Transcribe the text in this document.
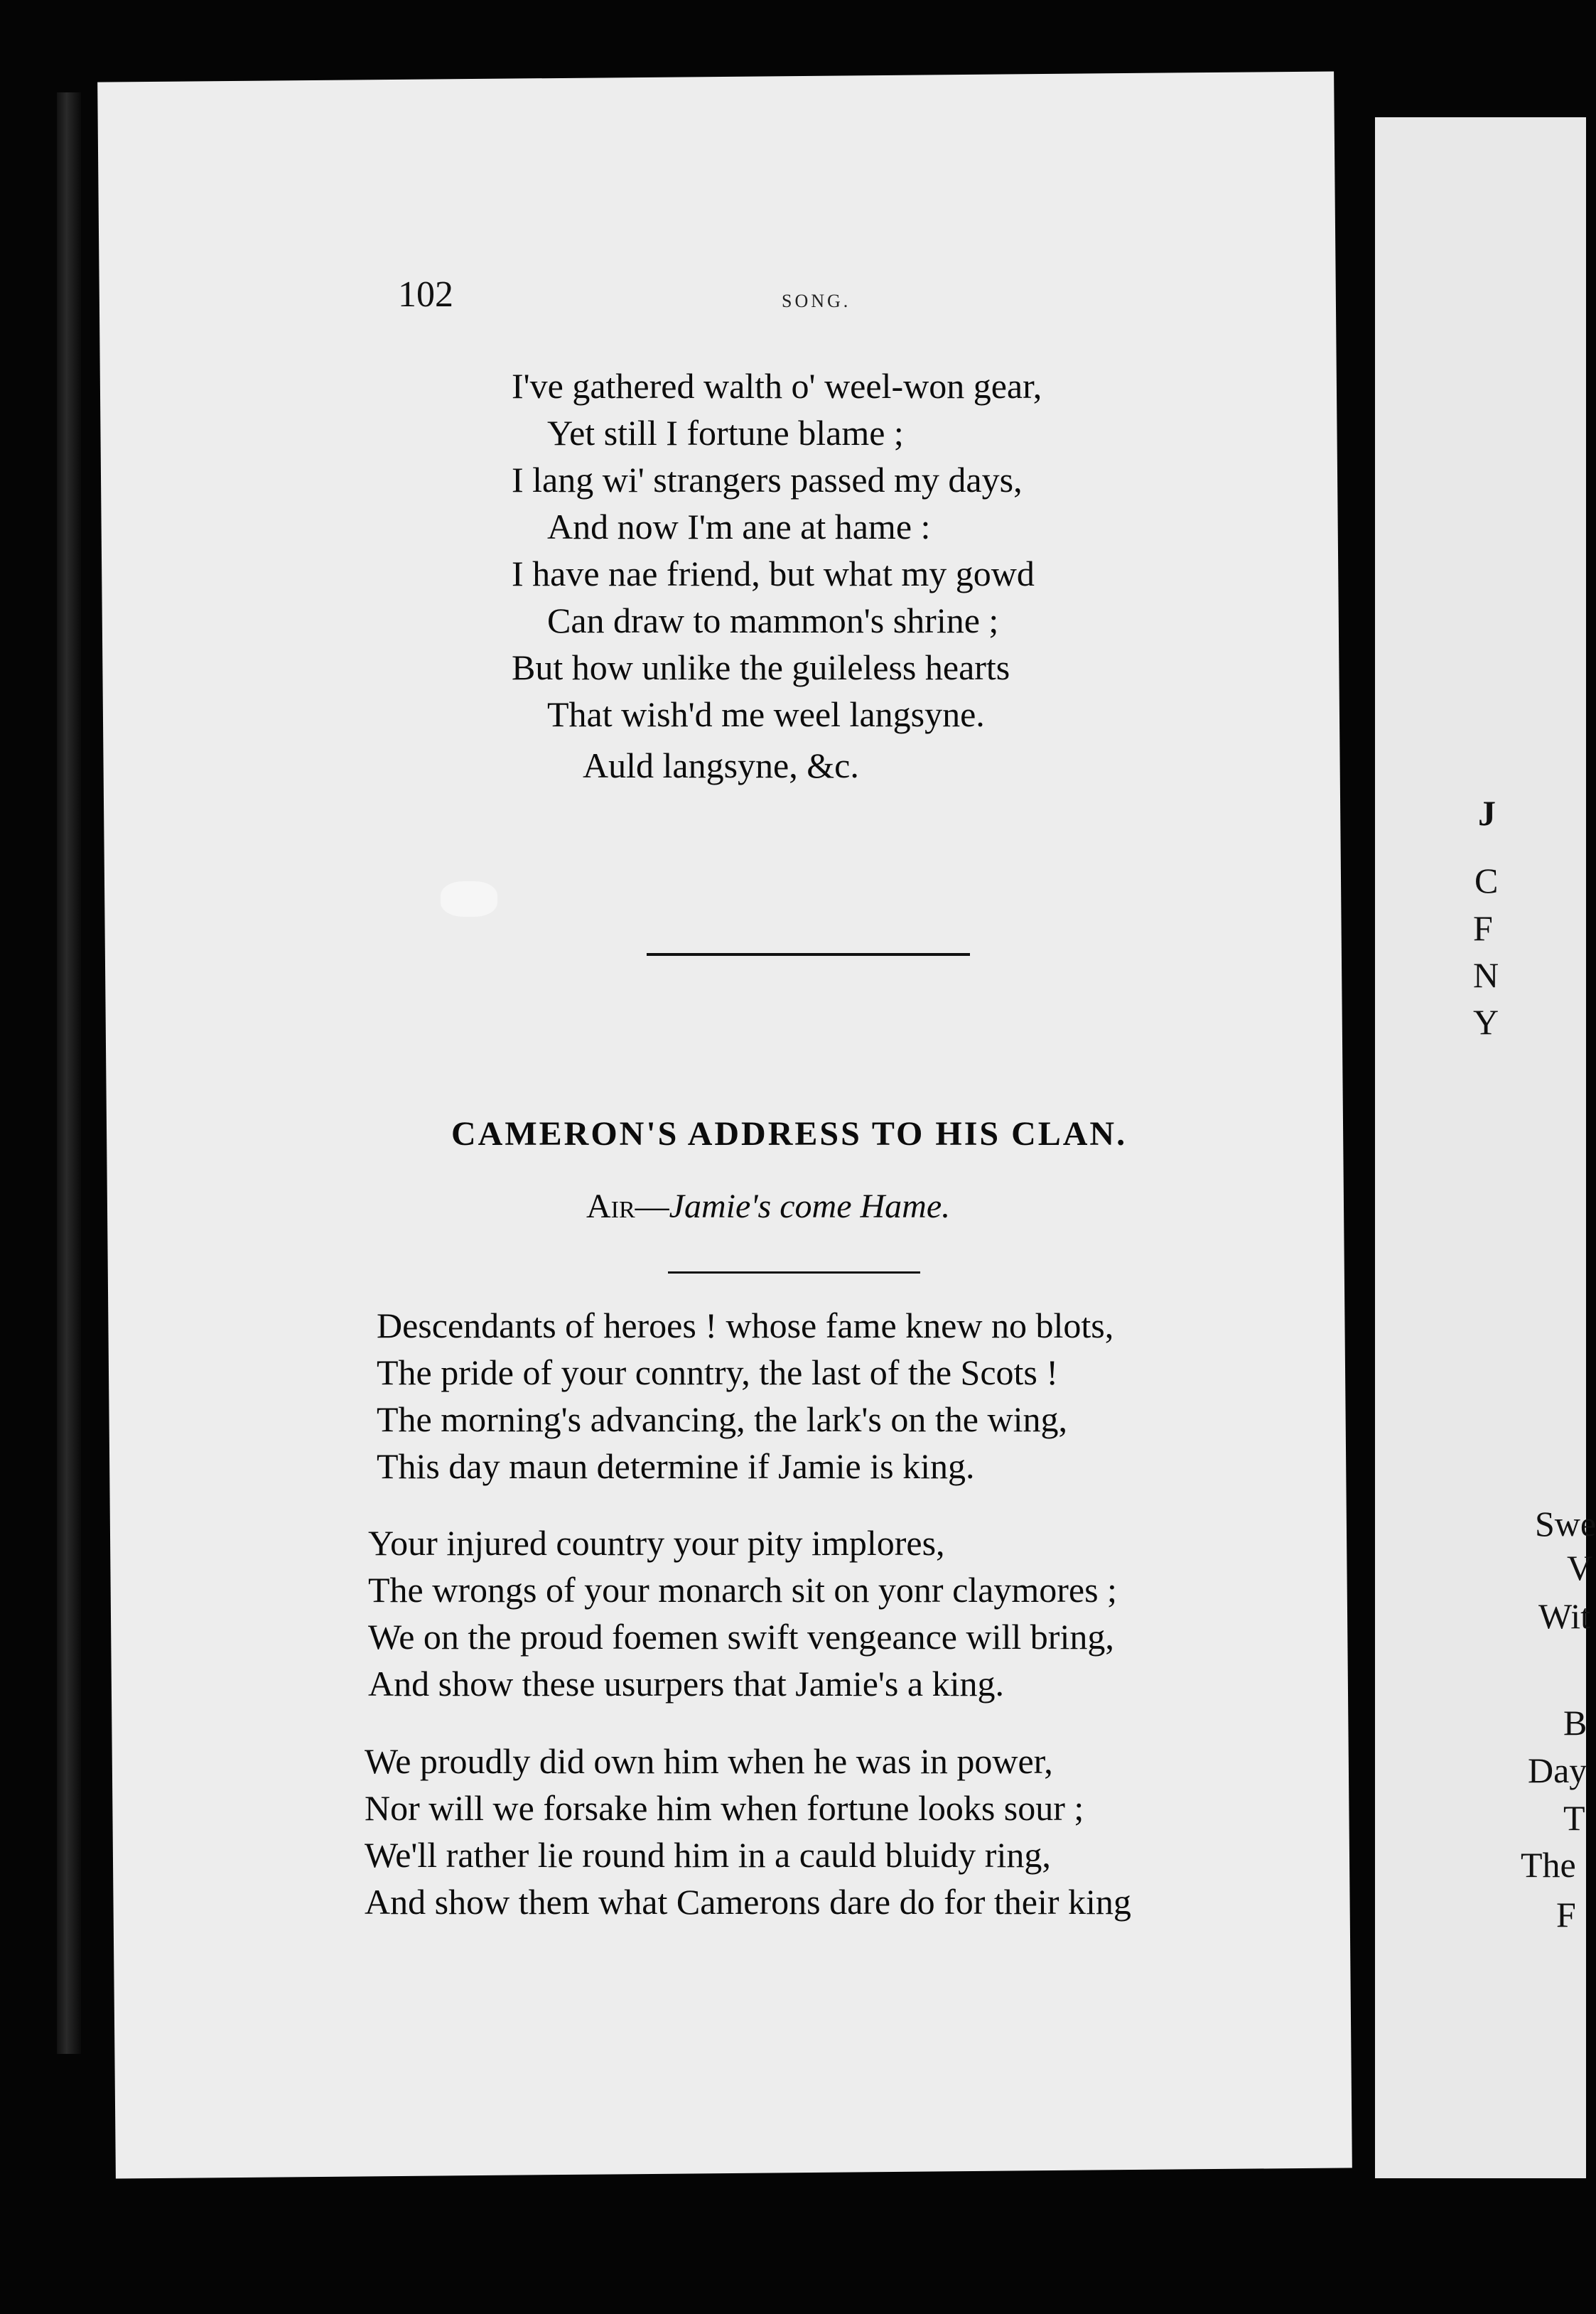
J
C
F
N
Y
Swe
V
Wit
B
Day
T
The
F
102	SONG.
I've gathered walth o' weel-won gear,
Yet still I fortune blame ;
I lang wi' strangers passed my days,
And now I'm ane at hame :
I have nae friend, but what my gowd
Can draw to mammon's shrine ;
But how unlike the guileless hearts
That wish'd me weel langsyne.
Auld langsyne, &c.
CAMERON'S ADDRESS TO HIS CLAN.
Air—Jamie's come Hame.
Descendants of heroes ! whose fame knew no blots,
The pride of your conntry, the last of the Scots !
The morning's advancing, the lark's on the wing,
This day maun determine if Jamie is king.
Your injured country your pity implores,
The wrongs of your monarch sit on yonr claymores ;
We on the proud foemen swift vengeance will bring,
And show these usurpers that Jamie's a king.
We proudly did own him when he was in power,
Nor will we forsake him when fortune looks sour ;
We'll rather lie round him in a cauld bluidy ring,
And show them what Camerons dare do for their king
